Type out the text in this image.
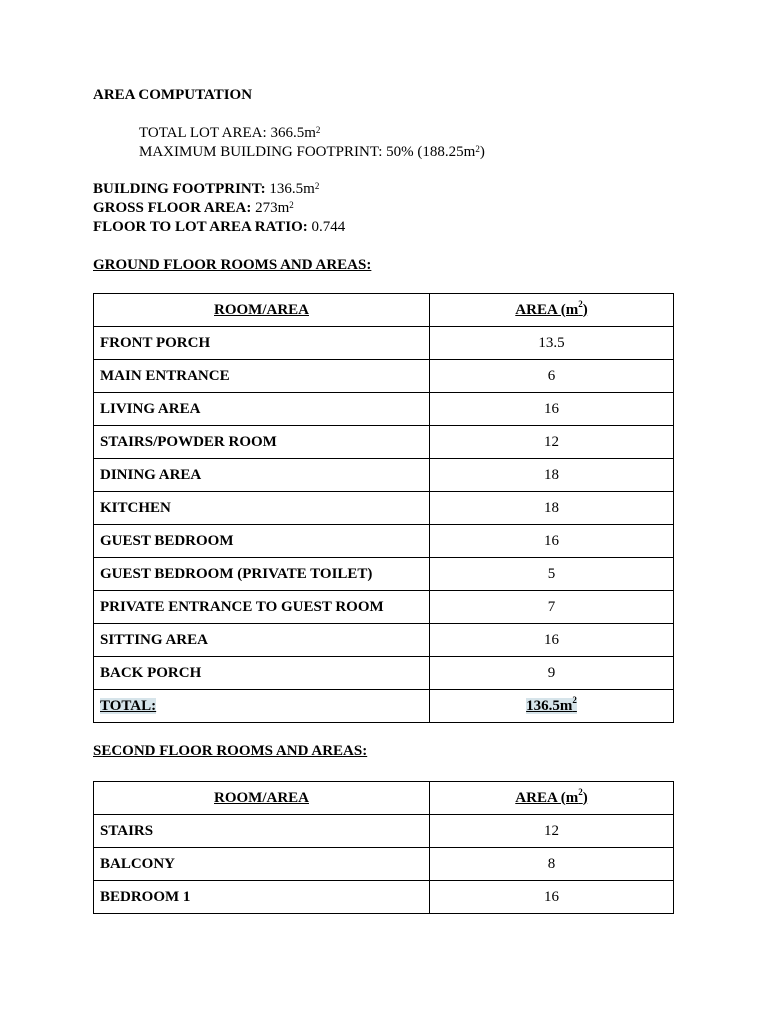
AREA COMPUTATION
TOTAL LOT AREA: $366.5m^2$
MAXIMUM BUILDING FOOTPRINT: 50% $(188.25m^2)$
BUILDING FOOTPRINT: $136.5m^2$
GROSS FLOOR AREA: $273m^2$
FLOOR TO LOT AREA RATIO: 0.744
GROUND FLOOR ROOMS AND AREAS:
ROOM/AREA	AREA $(m^2)$
FRONT PORCH	13.5
MAIN ENTRANCE	6
LIVING AREA	16
STAIRS/POWDER ROOM	12
DINING AREA	18
KITCHEN	18
GUEST BEDROOM	16
GUEST BEDROOM (PRIVATE TOILET)	5
PRIVATE ENTRANCE TO GUEST ROOM	7
SITTING AREA	16
BACK PORCH	9
TOTAL:	$136.5m^2$
SECOND FLOOR ROOMS AND AREAS:
ROOM/AREA	AREA $(m^2)$
STAIRS	12
BALCONY	8
BEDROOM 1	16
